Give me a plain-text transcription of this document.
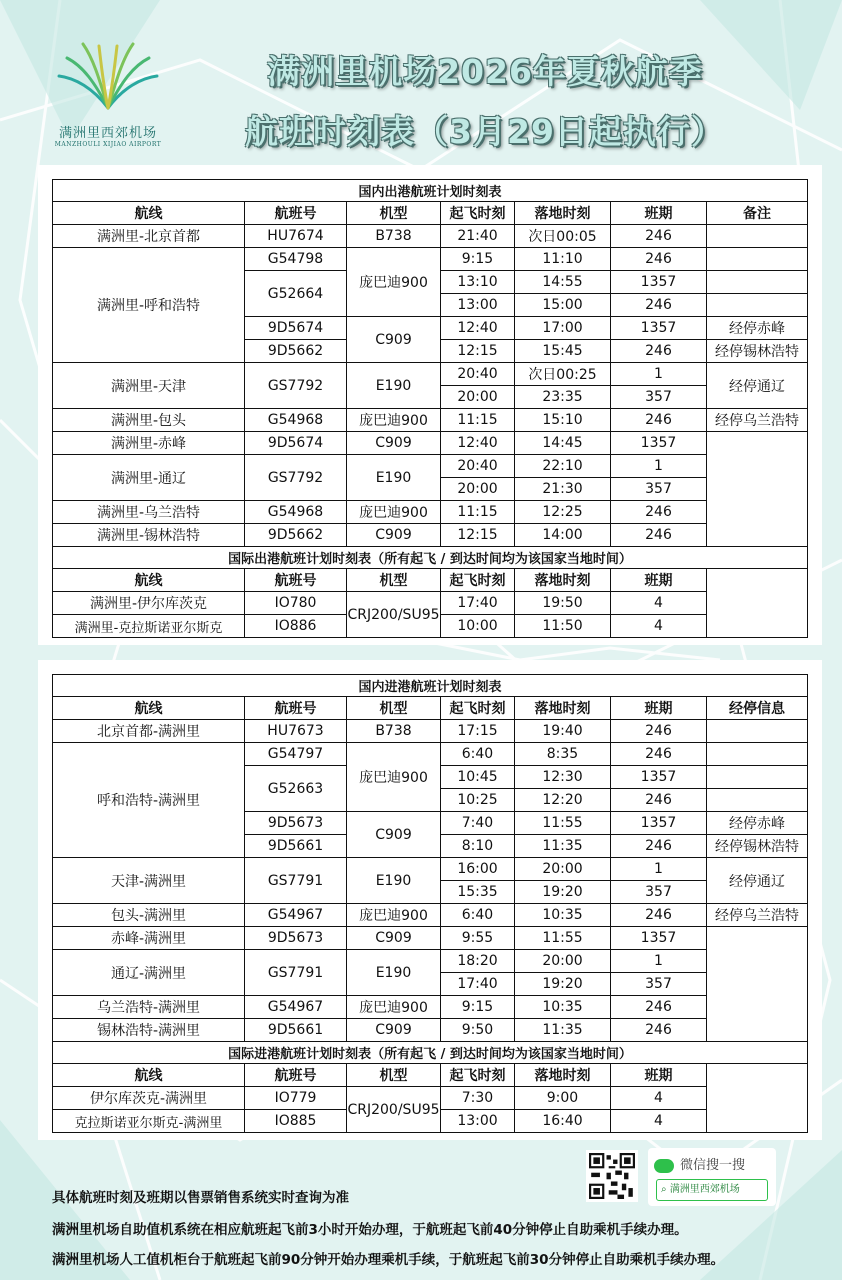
满洲里西郊机场
MANZHOULI XIJIAO AIRPORT
满洲里机场2026年夏秋航季
航班时刻表（3月29日起执行）
国内出港航班计划时刻表						
航线	航班号	机型	起飞时刻	落地时刻	班期	备注
满洲里-北京首都	HU7674	B738	21:40	次日00:05	246	
满洲里-呼和浩特	G54798	庞巴迪900	9:15	11:10	246	
	G52664		13:10	14:55	1357	
			13:00	15:00	246	
	9D5674	C909	12:40	17:00	1357	经停赤峰
	9D5662		12:15	15:45	246	经停锡林浩特
满洲里-天津	GS7792	E190	20:40	次日00:25	1	经停通辽
			20:00	23:35	357	
满洲里-包头	G54968	庞巴迪900	11:15	15:10	246	经停乌兰浩特
满洲里-赤峰	9D5674	C909	12:40	14:45	1357	
满洲里-通辽	GS7792	E190	20:40	22:10	1	
			20:00	21:30	357	
满洲里-乌兰浩特	G54968	庞巴迪900	11:15	12:25	246	
满洲里-锡林浩特	9D5662	C909	12:15	14:00	246	
国际出港航班计划时刻表（所有起飞 / 到达时间均为该国家当地时间）						
航线	航班号	机型	起飞时刻	落地时刻	班期	
满洲里-伊尔库茨克	IO780	CRJ200/SU95	17:40	19:50	4	
满洲里-克拉斯诺亚尔斯克	IO886		10:00	11:50	4	
国内进港航班计划时刻表						
航线	航班号	机型	起飞时刻	落地时刻	班期	经停信息
北京首都-满洲里	HU7673	B738	17:15	19:40	246	
呼和浩特-满洲里	G54797	庞巴迪900	6:40	8:35	246	
	G52663		10:45	12:30	1357	
			10:25	12:20	246	
	9D5673	C909	7:40	11:55	1357	经停赤峰
	9D5661		8:10	11:35	246	经停锡林浩特
天津-满洲里	GS7791	E190	16:00	20:00	1	经停通辽
			15:35	19:20	357	
包头-满洲里	G54967	庞巴迪900	6:40	10:35	246	经停乌兰浩特
赤峰-满洲里	9D5673	C909	9:55	11:55	1357	
通辽-满洲里	GS7791	E190	18:20	20:00	1	
			17:40	19:20	357	
乌兰浩特-满洲里	G54967	庞巴迪900	9:15	10:35	246	
锡林浩特-满洲里	9D5661	C909	9:50	11:35	246	
国际进港航班计划时刻表（所有起飞 / 到达时间均为该国家当地时间）						
航线	航班号	机型	起飞时刻	落地时刻	班期	
伊尔库茨克-满洲里	IO779	CRJ200/SU95	7:30	9:00	4	
克拉斯诺亚尔斯克-满洲里	IO885		13:00	16:40	4	
微信搜一搜
⌕ 满洲里西郊机场
具体航班时刻及班期以售票销售系统实时查询为准
满洲里机场自助值机系统在相应航班起飞前3小时开始办理，于航班起飞前40分钟停止自助乘机手续办理。
满洲里机场人工值机柜台于航班起飞前90分钟开始办理乘机手续，于航班起飞前30分钟停止自助乘机手续办理。
